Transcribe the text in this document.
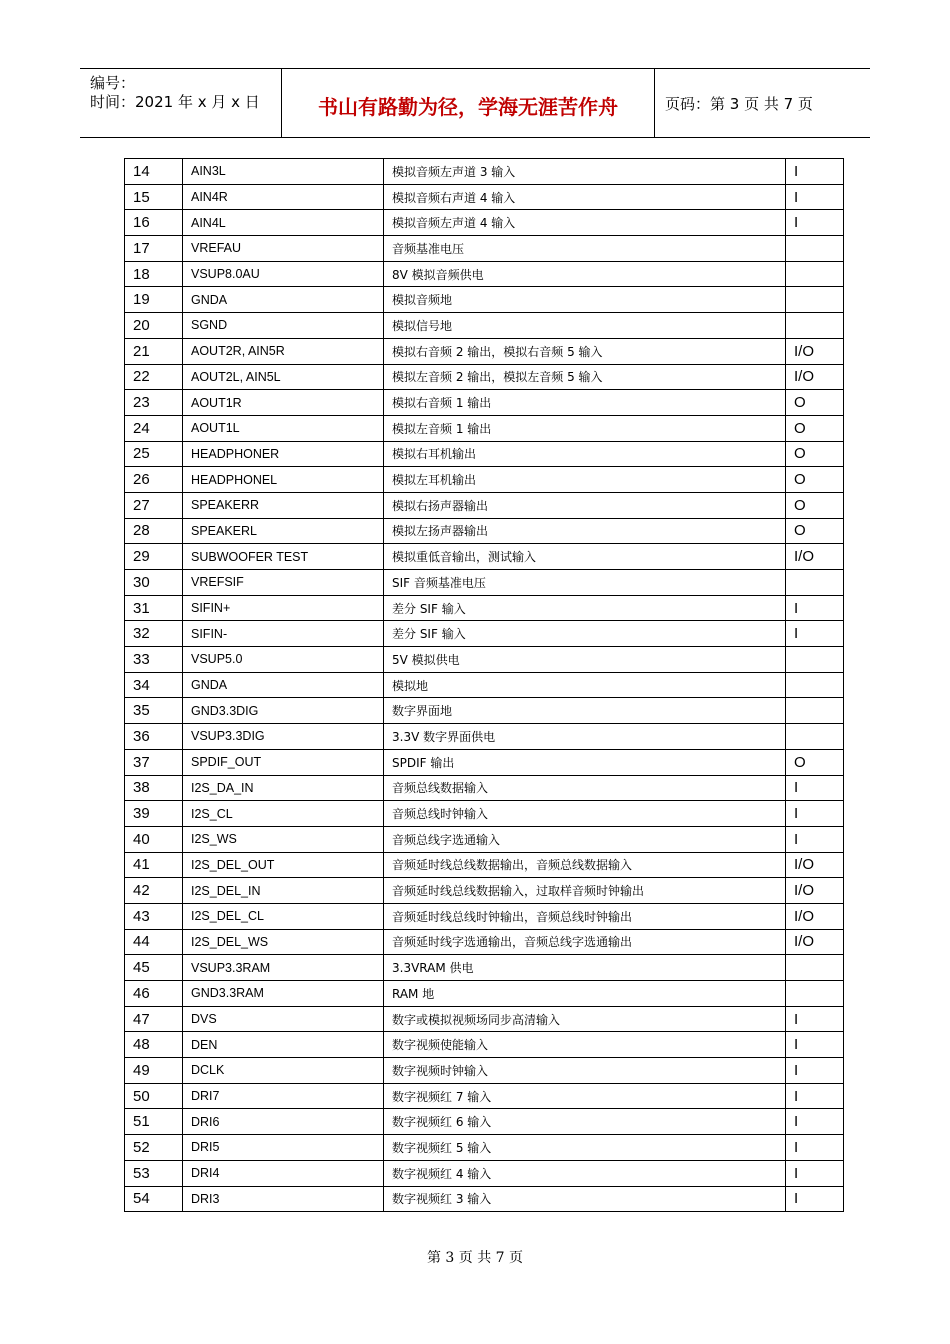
编号：
时间：2021 年 x 月 x 日	书山有路勤为径，学海无涯苦作舟	页码：第 3 页 共 7 页
14	AIN3L	模拟音频左声道 3 输入	I
15	AIN4R	模拟音频右声道 4 输入	I
16	AIN4L	模拟音频左声道 4 输入	I
17	VREFAU	音频基准电压	
18	VSUP8.0AU	8V 模拟音频供电	
19	GNDA	模拟音频地	
20	SGND	模拟信号地	
21	AOUT2R, AIN5R	模拟右音频 2 输出，模拟右音频 5 输入	I/O
22	AOUT2L, AIN5L	模拟左音频 2 输出，模拟左音频 5 输入	I/O
23	AOUT1R	模拟右音频 1 输出	O
24	AOUT1L	模拟左音频 1 输出	O
25	HEADPHONER	模拟右耳机输出	O
26	HEADPHONEL	模拟左耳机输出	O
27	SPEAKERR	模拟右扬声器输出	O
28	SPEAKERL	模拟左扬声器输出	O
29	SUBWOOFER TEST	模拟重低音输出，测试输入	I/O
30	VREFSIF	SIF 音频基准电压	
31	SIFIN+	差分 SIF 输入	I
32	SIFIN-	差分 SIF 输入	I
33	VSUP5.0	5V 模拟供电	
34	GNDA	模拟地	
35	GND3.3DIG	数字界面地	
36	VSUP3.3DIG	3.3V 数字界面供电	
37	SPDIF_OUT	SPDIF 输出	O
38	I2S_DA_IN	音频总线数据输入	I
39	I2S_CL	音频总线时钟输入	I
40	I2S_WS	音频总线字选通输入	I
41	I2S_DEL_OUT	音频延时线总线数据输出，音频总线数据输入	I/O
42	I2S_DEL_IN	音频延时线总线数据输入，过取样音频时钟输出	I/O
43	I2S_DEL_CL	音频延时线总线时钟输出，音频总线时钟输出	I/O
44	I2S_DEL_WS	音频延时线字选通输出，音频总线字选通输出	I/O
45	VSUP3.3RAM	3.3VRAM 供电	
46	GND3.3RAM	RAM 地	
47	DVS	数字或模拟视频场同步高清输入	I
48	DEN	数字视频使能输入	I
49	DCLK	数字视频时钟输入	I
50	DRI7	数字视频红 7 输入	I
51	DRI6	数字视频红 6 输入	I
52	DRI5	数字视频红 5 输入	I
53	DRI4	数字视频红 4 输入	I
54	DRI3	数字视频红 3 输入	I
第 3 页 共 7 页
